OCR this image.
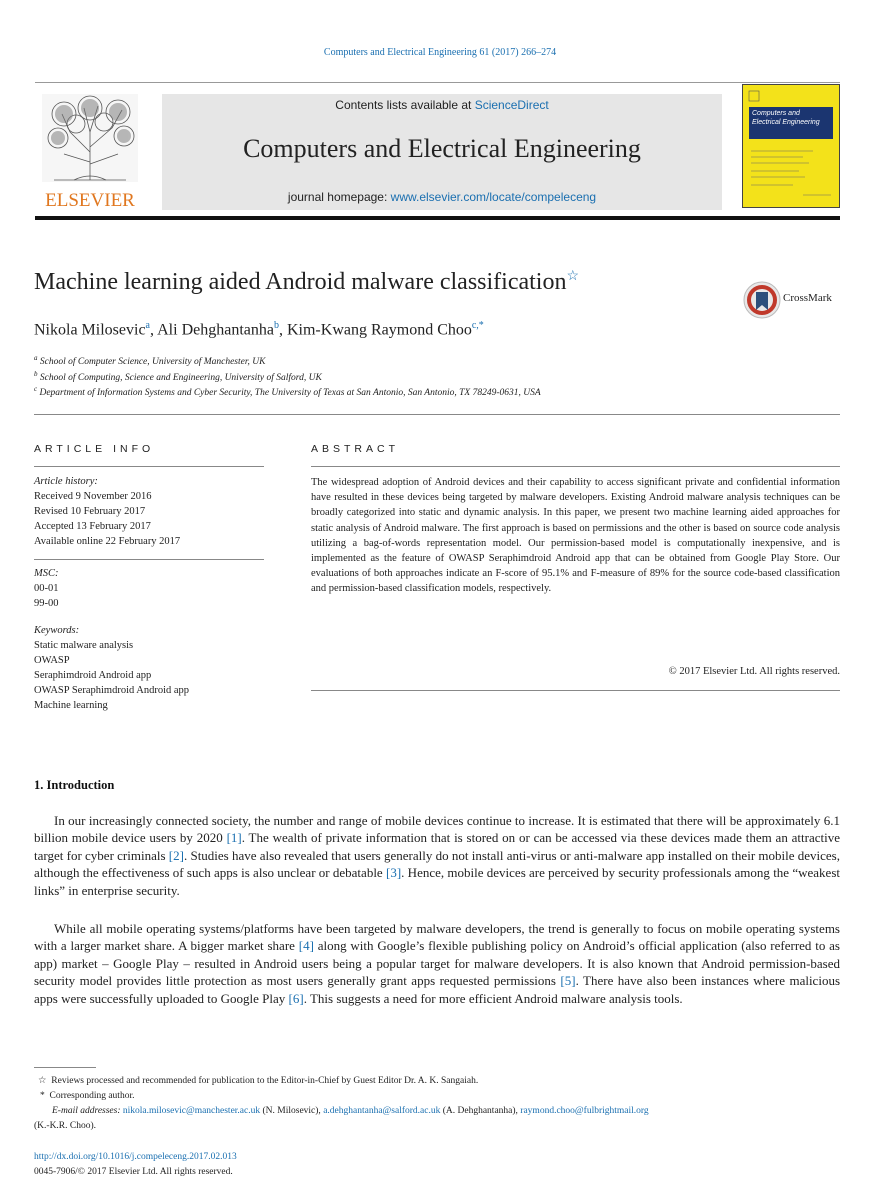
Computers and Electrical Engineering 61 (2017) 266–274
ELSEVIER
Contents lists available at ScienceDirect
Computers and Electrical Engineering
journal homepage: www.elsevier.com/locate/compeleceng
Computers and Electrical Engineering
Machine learning aided Android malware classification☆
CrossMark
Nikola Milosevic$^a$, Ali Dehghantanha$^b$, Kim-Kwang Raymond Choo$^{c,*}$
$^a$ School of Computer Science, University of Manchester, UK
$^b$ School of Computing, Science and Engineering, University of Salford, UK
$^c$ Department of Information Systems and Cyber Security, The University of Texas at San Antonio, San Antonio, TX 78249-0631, USA
ARTICLE INFO
Article history:
Received 9 November 2016
Revised 10 February 2017
Accepted 13 February 2017
Available online 22 February 2017
MSC:
00-01
99-00
Keywords:
Static malware analysis
OWASP
Seraphimdroid Android app
OWASP Seraphimdroid Android app
Machine learning
ABSTRACT
The widespread adoption of Android devices and their capability to access significant private and confidential information have resulted in these devices being targeted by malware developers. Existing Android malware analysis techniques can be broadly categorized into static and dynamic analysis. In this paper, we present two machine learning aided approaches for static analysis of Android malware. The first approach is based on permissions and the other is based on source code analysis utilizing a bag-of-words representation model. Our permission-based model is computationally inexpensive, and is implemented as the feature of OWASP Seraphimdroid Android app that can be obtained from Google Play Store. Our evaluations of both approaches indicate an F-score of 95.1% and F-measure of 89% for the source code-based classification and permission-based classification models, respectively.
© 2017 Elsevier Ltd. All rights reserved.
1. Introduction
In our increasingly connected society, the number and range of mobile devices continue to increase. It is estimated that there will be approximately 6.1 billion mobile device users by 2020 [1]. The wealth of private information that is stored on or can be accessed via these devices made them an attractive target for cyber criminals [2]. Studies have also revealed that users generally do not install anti-virus or anti-malware app installed on their mobile devices, although the effectiveness of such apps is also unclear or debatable [3]. Hence, mobile devices are perceived by security professionals among the “weakest links” in enterprise security.
While all mobile operating systems/platforms have been targeted by malware developers, the trend is generally to focus on mobile operating systems with a larger market share. A bigger market share [4] along with Google’s flexible publishing policy on Android’s official application (also referred to as app) market – Google Play – resulted in Android users being a popular target for malware developers. It is also known that Android permission-based security model provides little protection as most users generally grant apps requested permissions [5]. There have also been instances where malicious apps were successfully uploaded to Google Play [6]. This suggests a need for more efficient Android malware analysis tools.
☆ Reviews processed and recommended for publication to the Editor-in-Chief by Guest Editor Dr. A. K. Sangaiah.
* Corresponding author.
E-mail addresses: nikola.milosevic@manchester.ac.uk (N. Milosevic), a.dehghantanha@salford.ac.uk (A. Dehghantanha), raymond.choo@fulbrightmail.org
(K.-K.R. Choo).
http://dx.doi.org/10.1016/j.compeleceng.2017.02.013
0045-7906/© 2017 Elsevier Ltd. All rights reserved.
